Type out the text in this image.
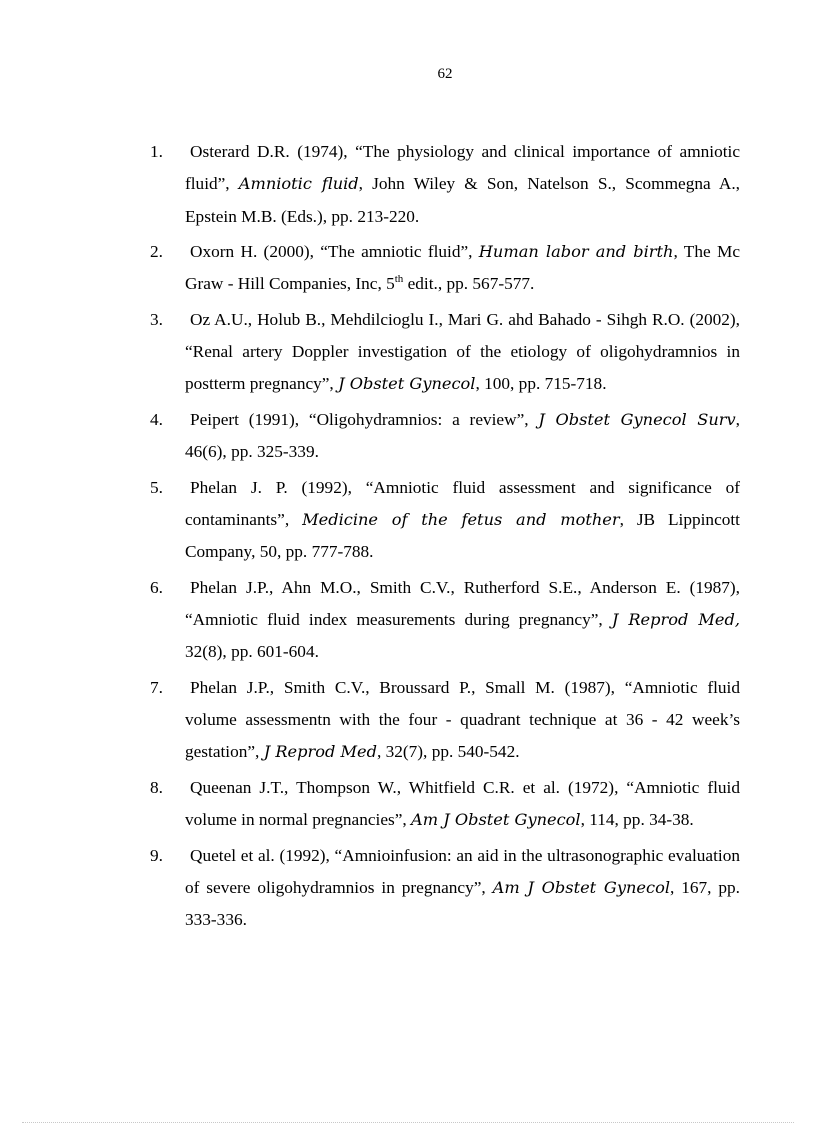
62
1. Osterard D.R. (1974), “The physiology and clinical importance of amniotic fluid”, Amniotic fluid, John Wiley & Son, Natelson S., Scommegna A., Epstein M.B. (Eds.), pp. 213-220.
2. Oxorn H. (2000), “The amniotic fluid”, Human labor and birth, The Mc Graw - Hill Companies, Inc, 5th edit., pp. 567-577.
3. Oz A.U., Holub B., Mehdilcioglu I., Mari G. ahd Bahado - Sihgh R.O. (2002), “Renal artery Doppler investigation of the etiology of oligohydramnios in postterm pregnancy”, J Obstet Gynecol, 100, pp. 715-718.
4. Peipert (1991), “Oligohydramnios: a review”, J Obstet Gynecol Surv, 46(6), pp. 325-339.
5. Phelan J. P. (1992), “Amniotic fluid assessment and significance of contaminants”, Medicine of the fetus and mother, JB Lippincott Company, 50, pp. 777-788.
6. Phelan J.P., Ahn M.O., Smith C.V., Rutherford S.E., Anderson E. (1987), “Amniotic fluid index measurements during pregnancy”, J Reprod Med, 32(8), pp. 601-604.
7. Phelan J.P., Smith C.V., Broussard P., Small M. (1987), “Amniotic fluid volume assessmentn with the four - quadrant technique at 36 - 42 week’s gestation”, J Reprod Med, 32(7), pp. 540-542.
8. Queenan J.T., Thompson W., Whitfield C.R. et al. (1972), “Amniotic fluid volume in normal pregnancies”, Am J Obstet Gynecol, 114, pp. 34-38.
9. Quetel et al. (1992), “Amnioinfusion: an aid in the ultrasonographic evaluation of severe oligohydramnios in pregnancy”, Am J Obstet Gynecol, 167, pp. 333-336.
